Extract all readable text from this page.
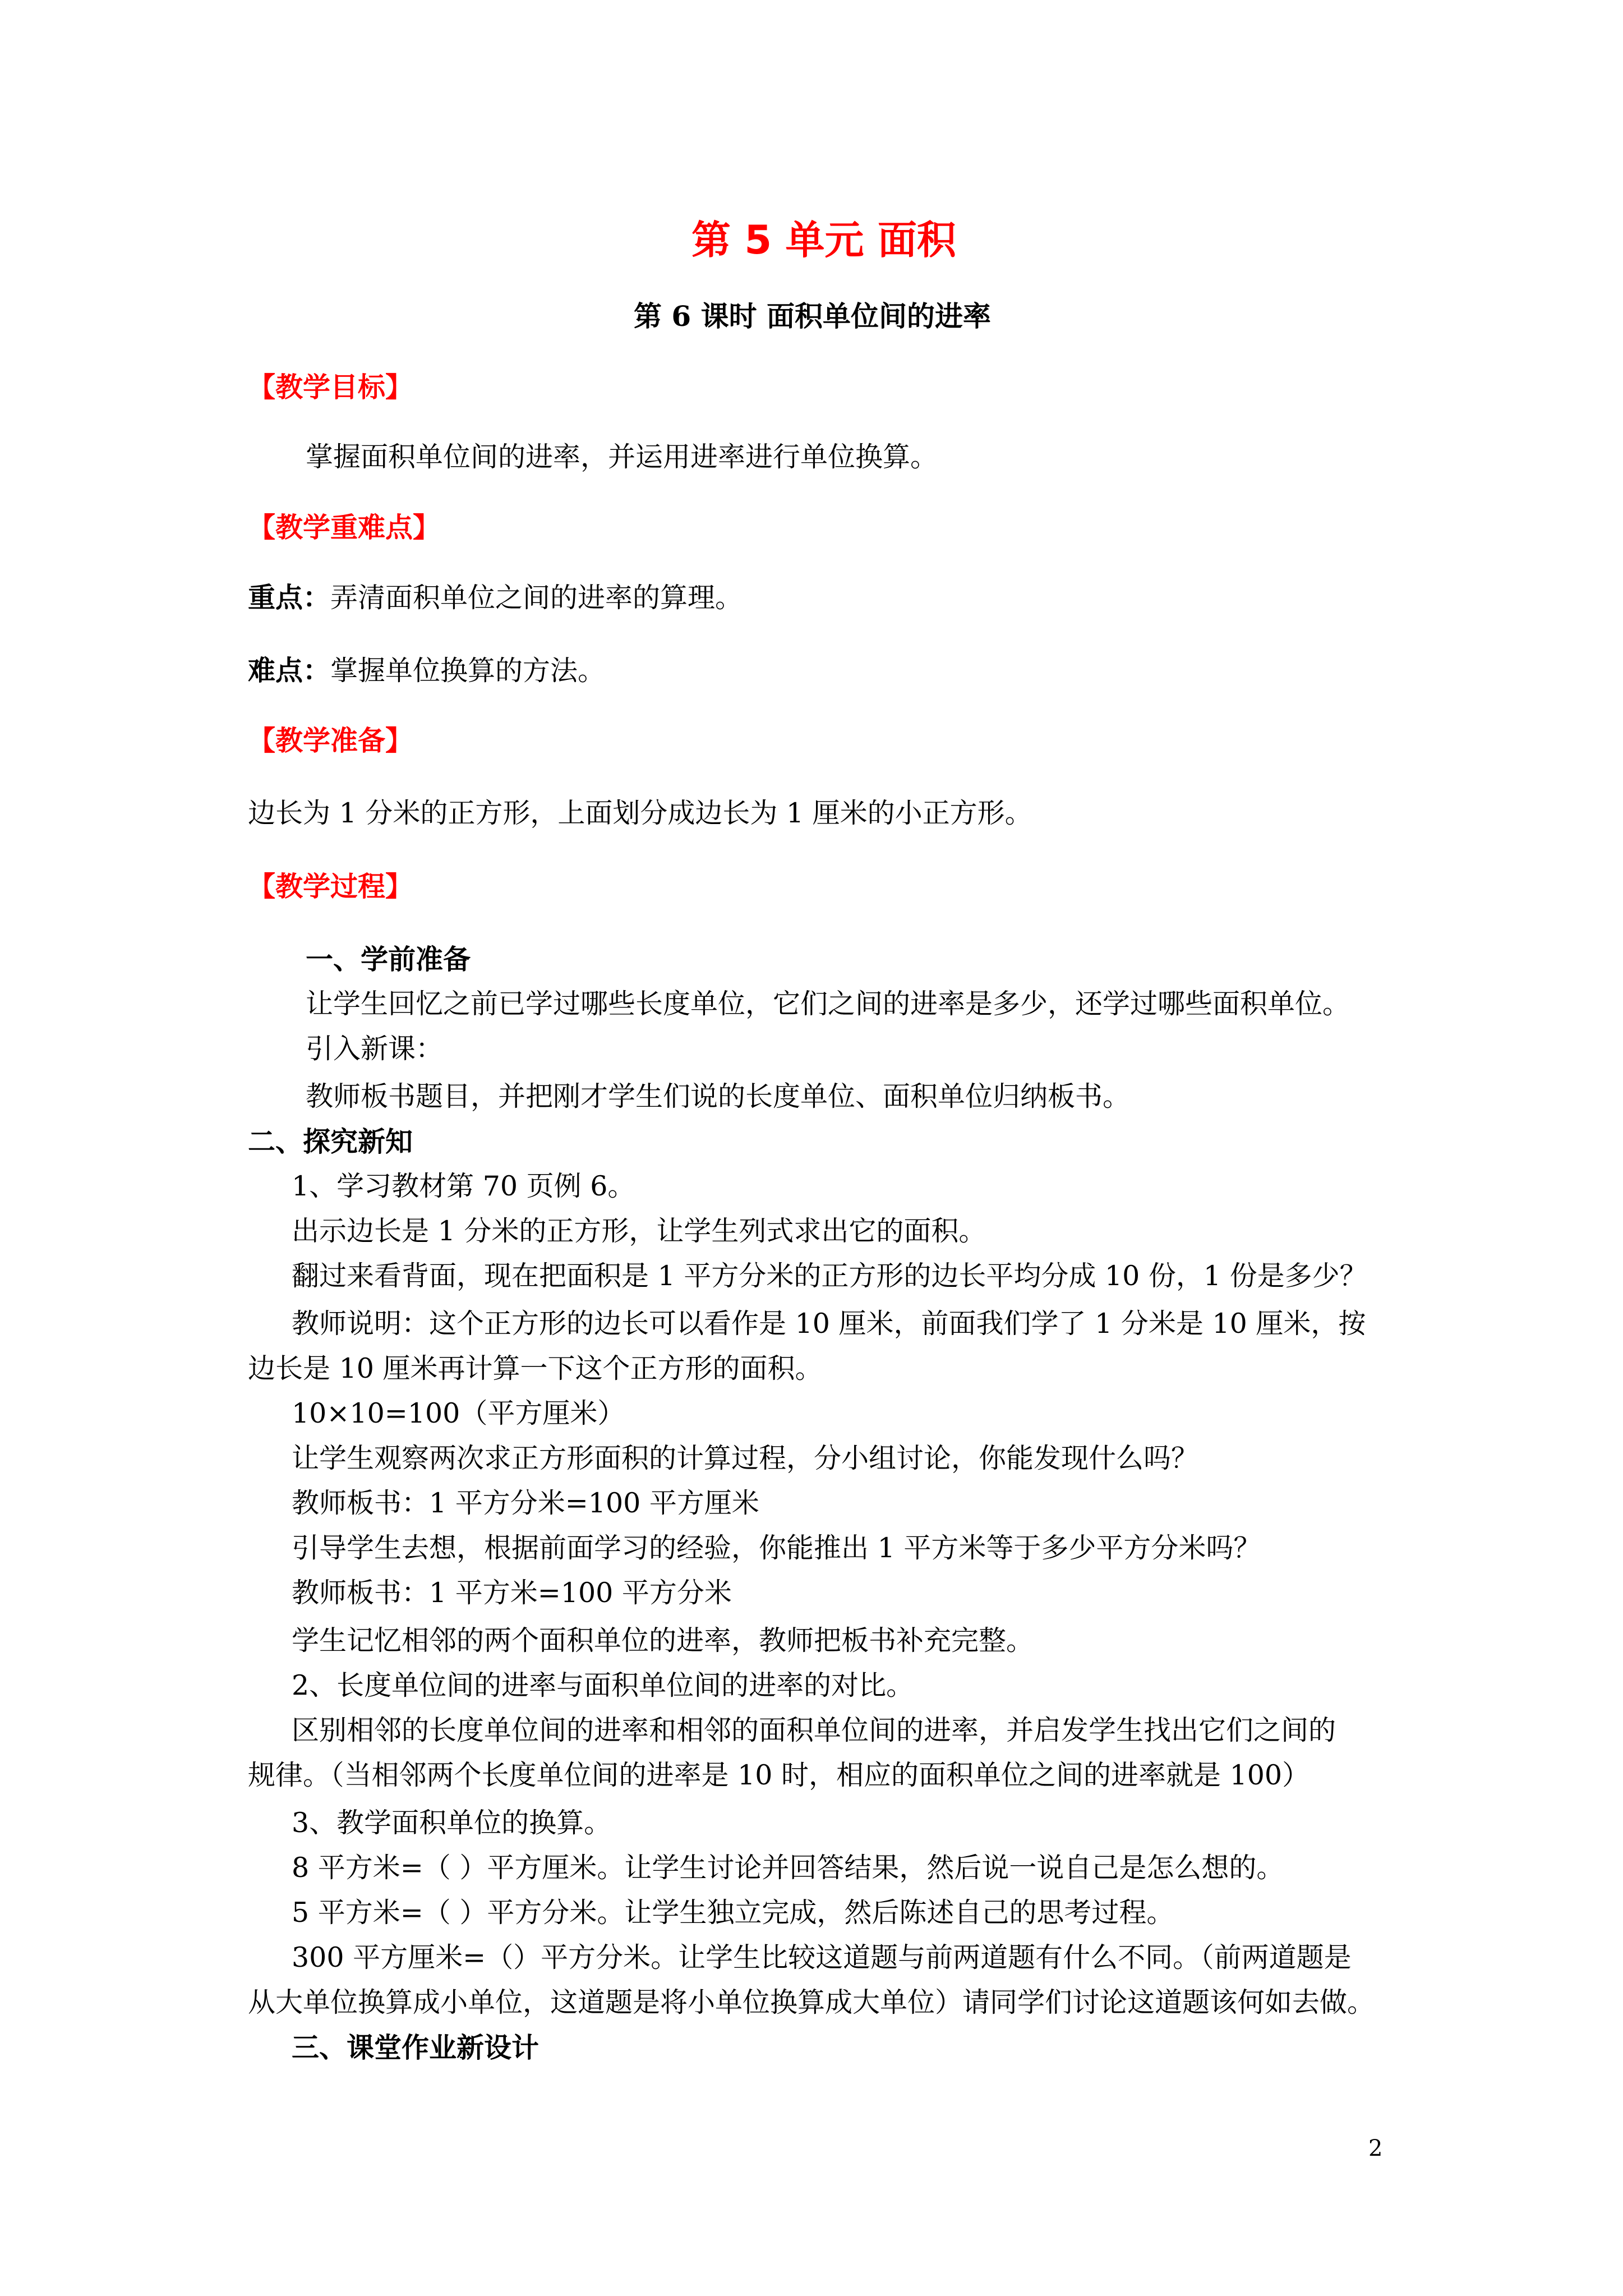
第 5 单元 面积
第 6 课时 面积单位间的进率
【教学目标】
掌握面积单位间的进率，并运用进率进行单位换算。
【教学重难点】
重点：弄清面积单位之间的进率的算理。
难点：掌握单位换算的方法。
【教学准备】
边长为 1 分米的正方形，上面划分成边长为 1 厘米的小正方形。
【教学过程】
一、学前准备
让学生回忆之前已学过哪些长度单位，它们之间的进率是多少，还学过哪些面积单位。
引入新课：
教师板书题目，并把刚才学生们说的长度单位、面积单位归纳板书。
二、探究新知
1、学习教材第 70 页例 6。
出示边长是 1 分米的正方形，让学生列式求出它的面积。
翻过来看背面，现在把面积是 1 平方分米的正方形的边长平均分成 10 份，1 份是多少？
教师说明：这个正方形的边长可以看作是 10 厘米，前面我们学了 1 分米是 10 厘米，按
边长是 10 厘米再计算一下这个正方形的面积。
10×10=100（平方厘米）
让学生观察两次求正方形面积的计算过程，分小组讨论，你能发现什么吗？
教师板书：1 平方分米=100 平方厘米
引导学生去想，根据前面学习的经验，你能推出 1 平方米等于多少平方分米吗？
教师板书：1 平方米=100 平方分米
学生记忆相邻的两个面积单位的进率，教师把板书补充完整。
2、长度单位间的进率与面积单位间的进率的对比。
区别相邻的长度单位间的进率和相邻的面积单位间的进率，并启发学生找出它们之间的
规律。（当相邻两个长度单位间的进率是 10 时，相应的面积单位之间的进率就是 100）
3、教学面积单位的换算。
8 平方米=（ ）平方厘米。让学生讨论并回答结果，然后说一说自己是怎么想的。
5 平方米=（ ）平方分米。让学生独立完成，然后陈述自己的思考过程。
300 平方厘米=（）平方分米。让学生比较这道题与前两道题有什么不同。（前两道题是
从大单位换算成小单位，这道题是将小单位换算成大单位）请同学们讨论这道题该何如去做。
三、课堂作业新设计
2
